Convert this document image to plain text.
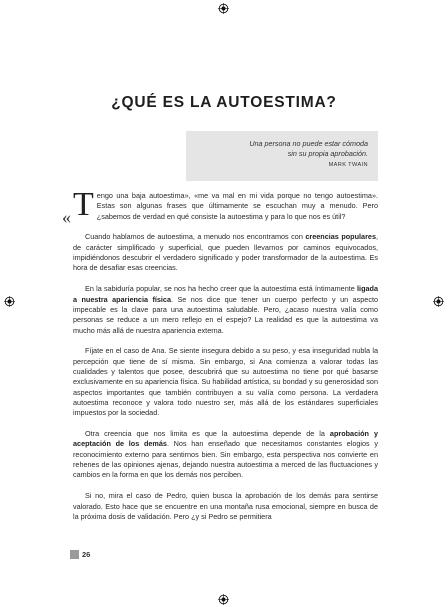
¿QUÉ ES LA AUTOESTIMA?
Una persona no puede estar cómoda
sin su propia aprobación.
MARK TWAIN
« Tengo una baja autoestima», «me va mal en mi vida porque no tengo autoestima». Estas son algunas frases que últimamente se escuchan muy a menudo. Pero ¿sabemos de verdad en qué consiste la autoestima y para lo que nos es útil?

Cuando hablamos de autoestima, a menudo nos encontramos con creencias populares, de carácter simplificado y superficial, que pueden llevarnos por caminos equivocados, impidiéndonos descubrir el verdadero significado y poder transformador de la autoestima. Es hora de desafiar esas creencias.

En la sabiduría popular, se nos ha hecho creer que la autoestima está íntimamente ligada a nuestra apariencia física. Se nos dice que tener un cuerpo perfecto y un aspecto impecable es la clave para una autoestima saludable. Pero, ¿acaso nuestra valía como personas se reduce a un mero reflejo en el espejo? La realidad es que la autoestima va mucho más allá de nuestra apariencia externa.

Fíjate en el caso de Ana. Se siente insegura debido a su peso, y esa inseguridad nubla la percepción que tiene de sí misma. Sin embargo, si Ana comienza a valorar todas las cualidades y talentos que posee, descubrirá que su autoestima no tiene por qué basarse exclusivamente en su apariencia física. Su habilidad artística, su bondad y su generosidad son aspectos importantes que también contribuyen a su valía como persona. La verdadera autoestima reconoce y valora todo nuestro ser, más allá de los estándares superficiales impuestos por la sociedad.

Otra creencia que nos limita es que la autoestima depende de la aprobación y aceptación de los demás. Nos han enseñado que necesitamos constantes elogios y reconocimiento externo para sentirnos bien. Sin embargo, esta perspectiva nos convierte en rehenes de las opiniones ajenas, dejando nuestra autoestima a merced de las fluctuaciones y cambios en la forma en que los demás nos perciben.

Si no, mira el caso de Pedro, quien busca la aprobación de los demás para sentirse valorado. Esto hace que se encuentre en una montaña rusa emocional, siempre en busca de la próxima dosis de validación. Pero ¿y si Pedro se permitiera

26
